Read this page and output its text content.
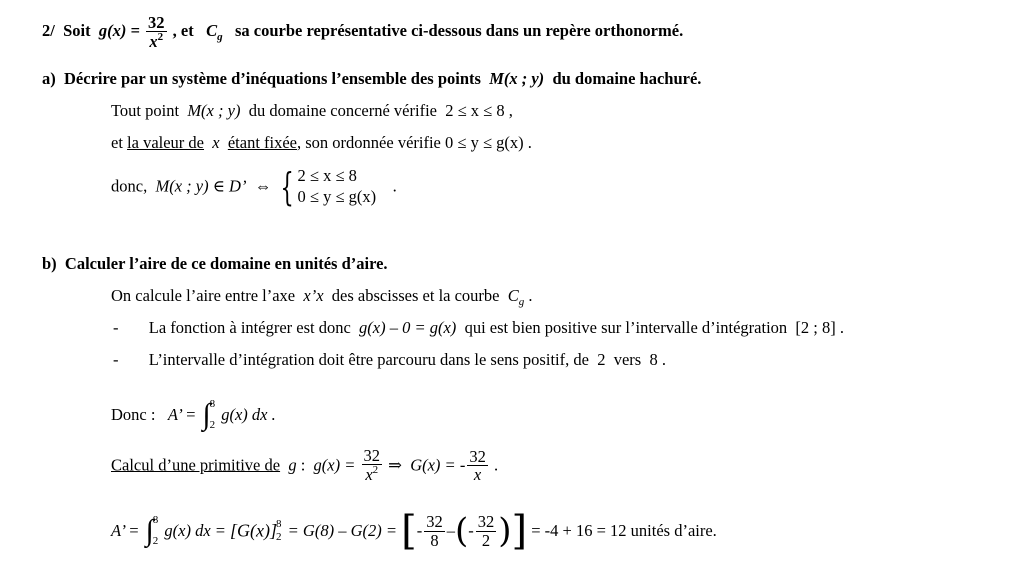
2/ Soit $g(x) = \frac{32}{x^2}$ , et $C_g$ sa courbe représentative ci-dessous dans un repère orthonormé.
a) Décrire par un système d’inéquations l’ensemble des points M(x ; y) du domaine hachuré.
Tout point M(x ; y) du domaine concerné vérifie 2 ≤ x ≤ 8 ,
et la valeur de x étant fixée, son ordonnée vérifie 0 ≤ y ≤ g(x) .
donc, M(x ; y) ∈ D’ ⇔ { 2 ≤ x ≤ 8
0 ≤ y ≤ g(x)
.
b) Calculer l’aire de ce domaine en unités d’aire.
On calcule l’aire entre l’axe x’x des abscisses et la courbe $C_g$ .
- La fonction à intégrer est donc g(x) – 0 = g(x) qui est bien positive sur l’intervalle d’intégration [2 ; 8] .
- L’intervalle d’intégration doit être parcouru dans le sens positif, de 2 vers 8 .
Donc : A’ = ∫ 8
2
g(x) dx .
Calcul d’une primitive de g : $g(x) = \frac{32}{x^2}$ ⇒ G(x) = - $\frac{32}{x}$ .
A’ = ∫ 8
2
g(x) dx = [G(x)] 8
2 = G(8) – G(2) = [- $\frac{32}{8}$ –(- $\frac{32}{2}$ )] = -4 + 16 = 12 unités d’aire.
